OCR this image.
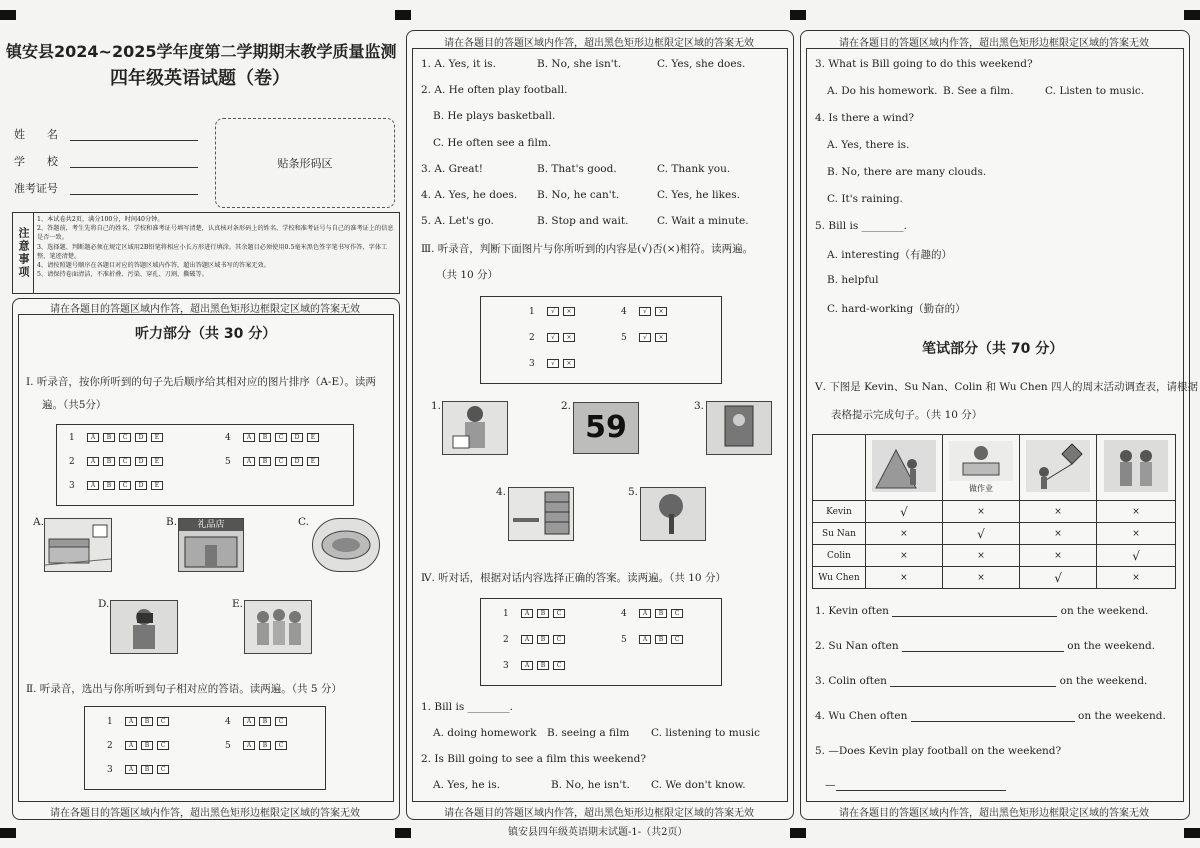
镇安县2024~2025学年度第二学期期末教学质量监测
四年级英语试题（卷）
姓　　名
学　　校
准考证号
贴条形码区
注意事项
1、本试卷共2页，满分100分，时间40分钟。
2、答题前，考生先将自己的姓名、学校和准考证号填写清楚，认真核对条形码上的姓名、学校和准考证号与自己的准考证上的信息是否一致。
3、选择题、判断题必须在规定区域用2B铅笔将相应小长方形进行填涂。其余题目必须使用0.5毫米黑色签字笔书写作答，字体工整，笔迹清楚。
4、请按照题号顺序在各题目对应的答题区域内作答，超出答题区域书写的答案无效。
5、请保持卷面清洁，不准折叠、污染、穿孔、刀割、撕破等。
请在各题目的答题区域内作答，超出黑色矩形边框限定区域的答案无效
听力部分（共 30 分）
Ⅰ. 听录音，按你所听到的句子先后顺序给其相对应的图片排序（A-E）。读两
遍。（共5分）
1	A B C D E
2	A B C D E
3	A B C D E
4	A B C D E
5	A B C D E
A.	B.	礼品店	C.
D.	E.
Ⅱ. 听录音，选出与你所听到句子相对应的答语。读两遍。（共 5 分）
1	A B C
2	A B C
3	A B C
4	A B C
5	A B C
请在各题目的答题区域内作答，超出黑色矩形边框限定区域的答案无效
请在各题目的答题区域内作答，超出黑色矩形边框限定区域的答案无效
1. A. Yes, it is.	B. No, she isn't.	C. Yes, she does.
2. A. He often play football.
B. He plays basketball.
C. He often see a film.
3. A. Great!	B. That's good.	C. Thank you.
4. A. Yes, he does. B. No, he can't.	C. Yes, he likes.
5. A. Let's go.	B. Stop and wait.	C. Wait a minute.
Ⅲ. 听录音，判断下面图片与你所听到的内容是(√)否(×)相符。读两遍。
（共 10 分）
1	√ ×
2	√ ×
3	√ ×
4	√ ×
5	√ ×
1.	2.
59
3.
4.	5.
Ⅳ. 听对话，根据对话内容选择正确的答案。读两遍。（共 10 分）
1	A B C
2	A B C
3	A B C
4	A B C
5	A B C
1. Bill is ________.
A. doing homework B. seeing a film C. listening to music
2. Is Bill going to see a film this weekend?
A. Yes, he is.	B. No, he isn't. C. We don't know.
请在各题目的答题区域内作答，超出黑色矩形边框限定区域的答案无效
镇安县四年级英语期末试题-1-（共2页）
请在各题目的答题区域内作答，超出黑色矩形边框限定区域的答案无效
3. What is Bill going to do this weekend?
A. Do his homework. B. See a film.	C. Listen to music.
4. Is there a wind?
A. Yes, there is.
B. No, there are many clouds.
C. It's raining.
5. Bill is ________.
A. interesting（有趣的）
B. helpful
C. hard-working（勤奋的）
笔试部分（共 70 分）
Ⅴ. 下图是 Kevin、Su Nan、Colin 和 Wu Chen 四人的周末活动调查表，请根据
表格提示完成句子。（共 10 分）

做作业

Kevin	√	×	×	×
Su Nan	×	√	×	×
Colin	×	×	×	√
Wu Chen	×	×	√	×
1. Kevin often	on the weekend.
2. Su Nan often	on the weekend.
3. Colin often	on the weekend.
4. Wu Chen often	on the weekend.
5. —Does Kevin play football on the weekend?
—
请在各题目的答题区域内作答，超出黑色矩形边框限定区域的答案无效
